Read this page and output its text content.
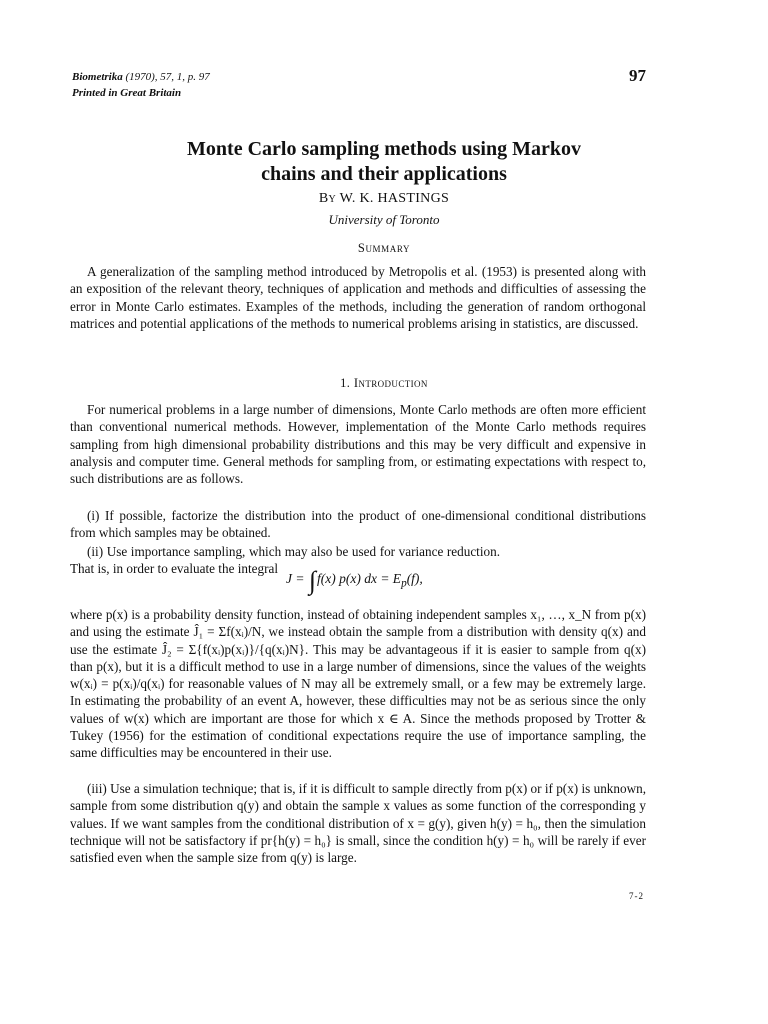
Biometrika (1970), 57, 1, p. 97
Printed in Great Britain
97
Monte Carlo sampling methods using Markov
chains and their applications
By W. K. HASTINGS
University of Toronto
Summary
A generalization of the sampling method introduced by Metropolis et al. (1953) is presented along with an exposition of the relevant theory, techniques of application and methods and difficulties of assessing the error in Monte Carlo estimates. Examples of the methods, including the generation of random orthogonal matrices and potential applications of the methods to numerical problems arising in statistics, are discussed.
1. Introduction
For numerical problems in a large number of dimensions, Monte Carlo methods are often more efficient than conventional numerical methods. However, implementation of the Monte Carlo methods requires sampling from high dimensional probability distributions and this may be very difficult and expensive in analysis and computer time. General methods for sampling from, or estimating expectations with respect to, such distributions are as follows.
(i) If possible, factorize the distribution into the product of one-dimensional conditional distributions from which samples may be obtained.
(ii) Use importance sampling, which may also be used for variance reduction. That is, in order to evaluate the integral
J = ∫f(x) p(x) dx = $E_p(f)$,
where p(x) is a probability density function, instead of obtaining independent samples x₁, …, x_N from p(x) and using the estimate Ĵ₁ = Σf(xᵢ)/N, we instead obtain the sample from a distribution with density q(x) and use the estimate Ĵ₂ = Σ{f(xᵢ)p(xᵢ)}/{q(xᵢ)N}. This may be advantageous if it is easier to sample from q(x) than p(x), but it is a difficult method to use in a large number of dimensions, since the values of the weights w(xᵢ) = p(xᵢ)/q(xᵢ) for reasonable values of N may all be extremely small, or a few may be extremely large. In estimating the probability of an event A, however, these difficulties may not be as serious since the only values of w(x) which are important are those for which x ∈ A. Since the methods proposed by Trotter & Tukey (1956) for the estimation of conditional expectations require the use of importance sampling, the same difficulties may be encountered in their use.
(iii) Use a simulation technique; that is, if it is difficult to sample directly from p(x) or if p(x) is unknown, sample from some distribution q(y) and obtain the sample x values as some function of the corresponding y values. If we want samples from the conditional distribution of x = g(y), given h(y) = h₀, then the simulation technique will not be satisfactory if pr{h(y) = h₀} is small, since the condition h(y) = h₀ will be rarely if ever satisfied even when the sample size from q(y) is large.
7-2
